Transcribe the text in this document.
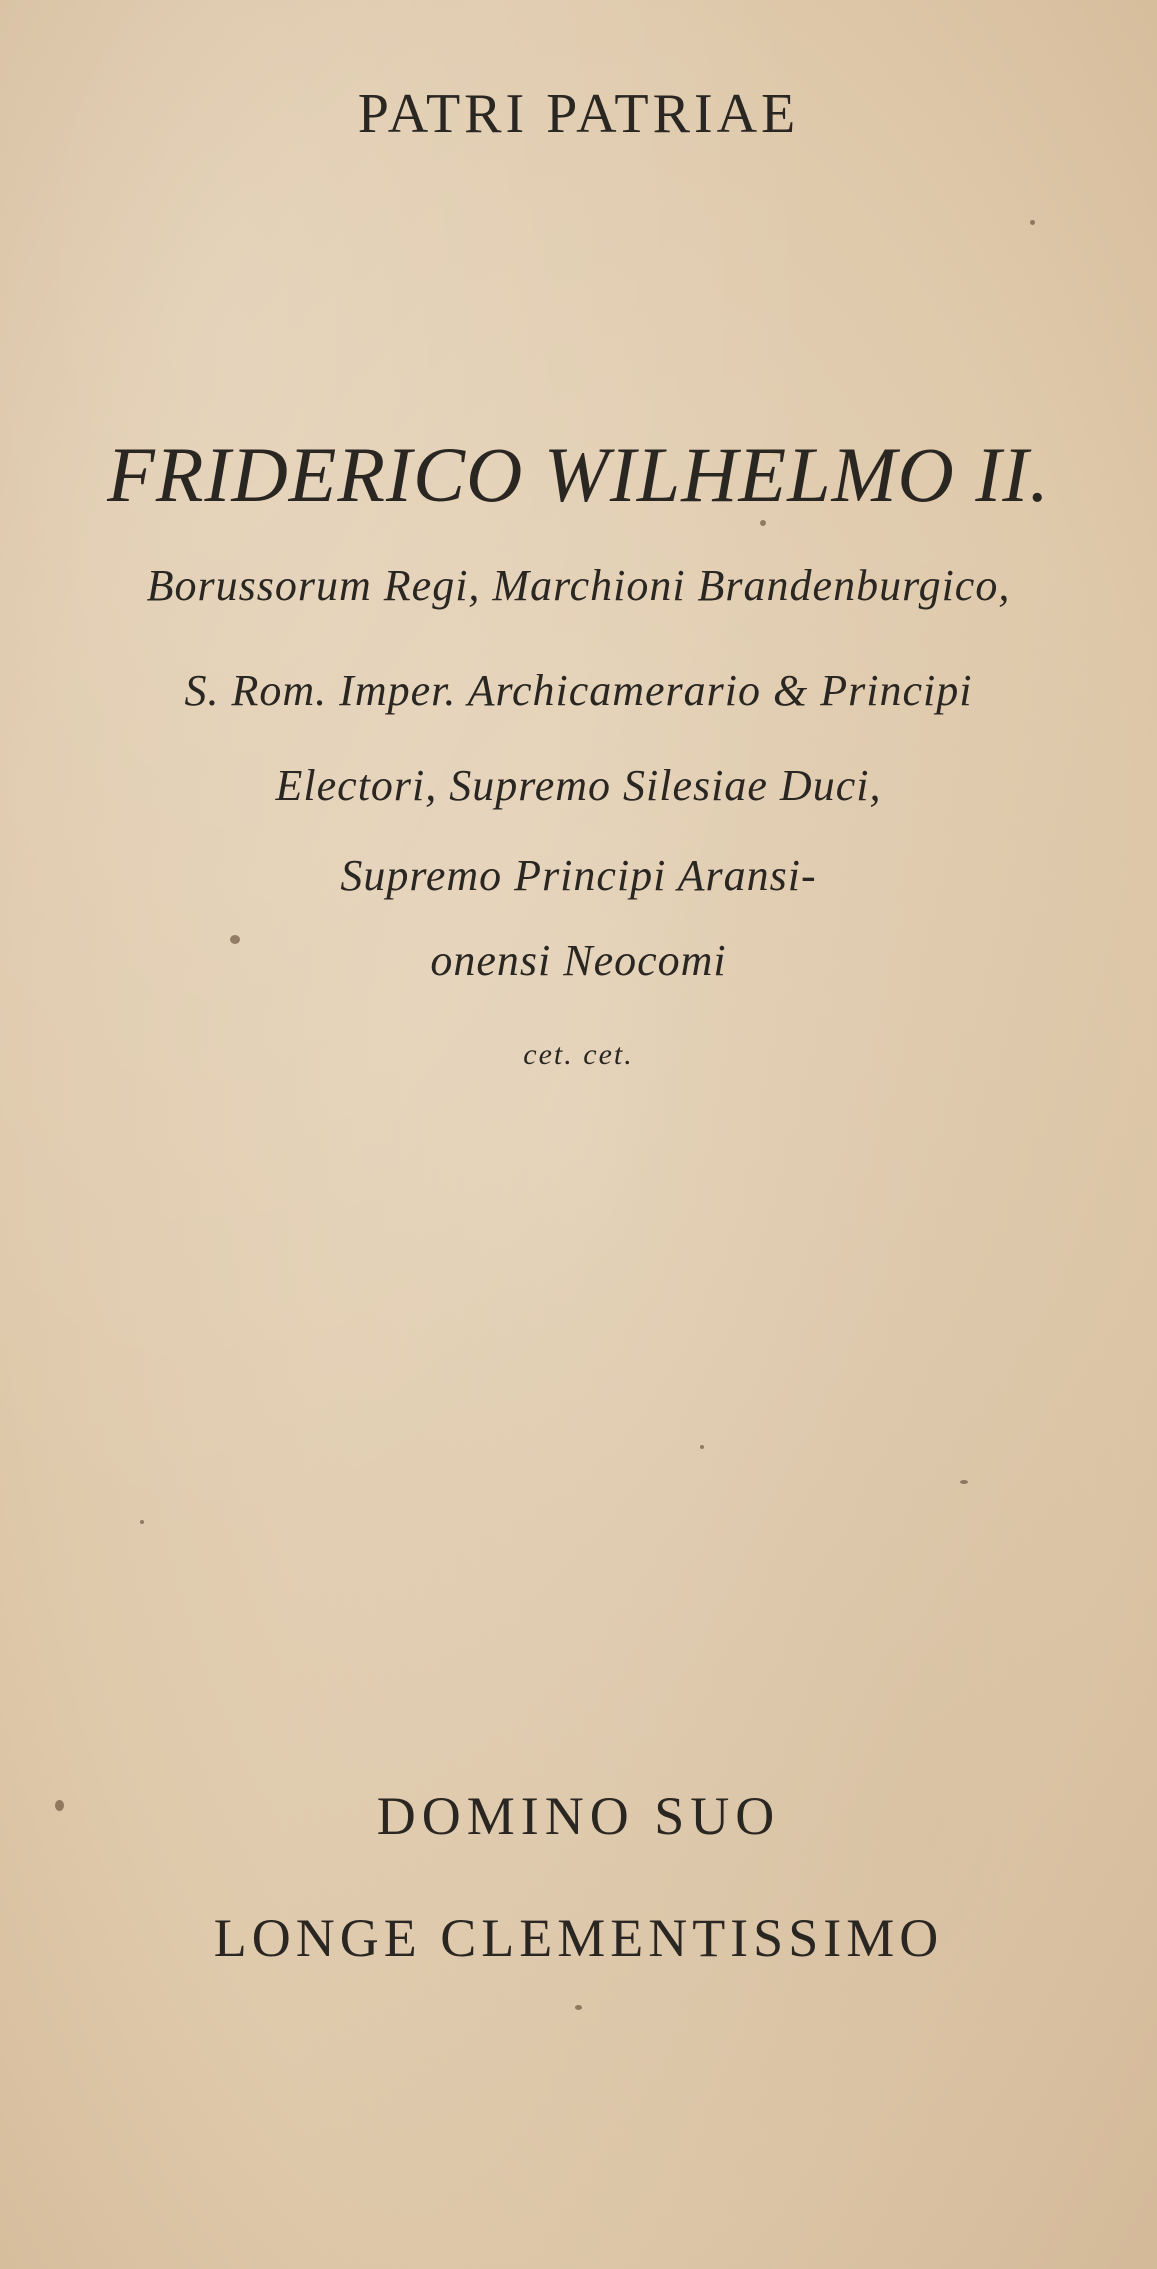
PATRI PATRIAE
FRIDERICO WILHELMO II.
Borussorum Regi, Marchioni Brandenburgico,
S. Rom. Imper. Archicamerario & Principi
Electori, Supremo Silesiae Duci,
Supremo Principi Aransi-
onensi Neocomi
cet. cet.
DOMINO SUO
LONGE CLEMENTISSIMO
